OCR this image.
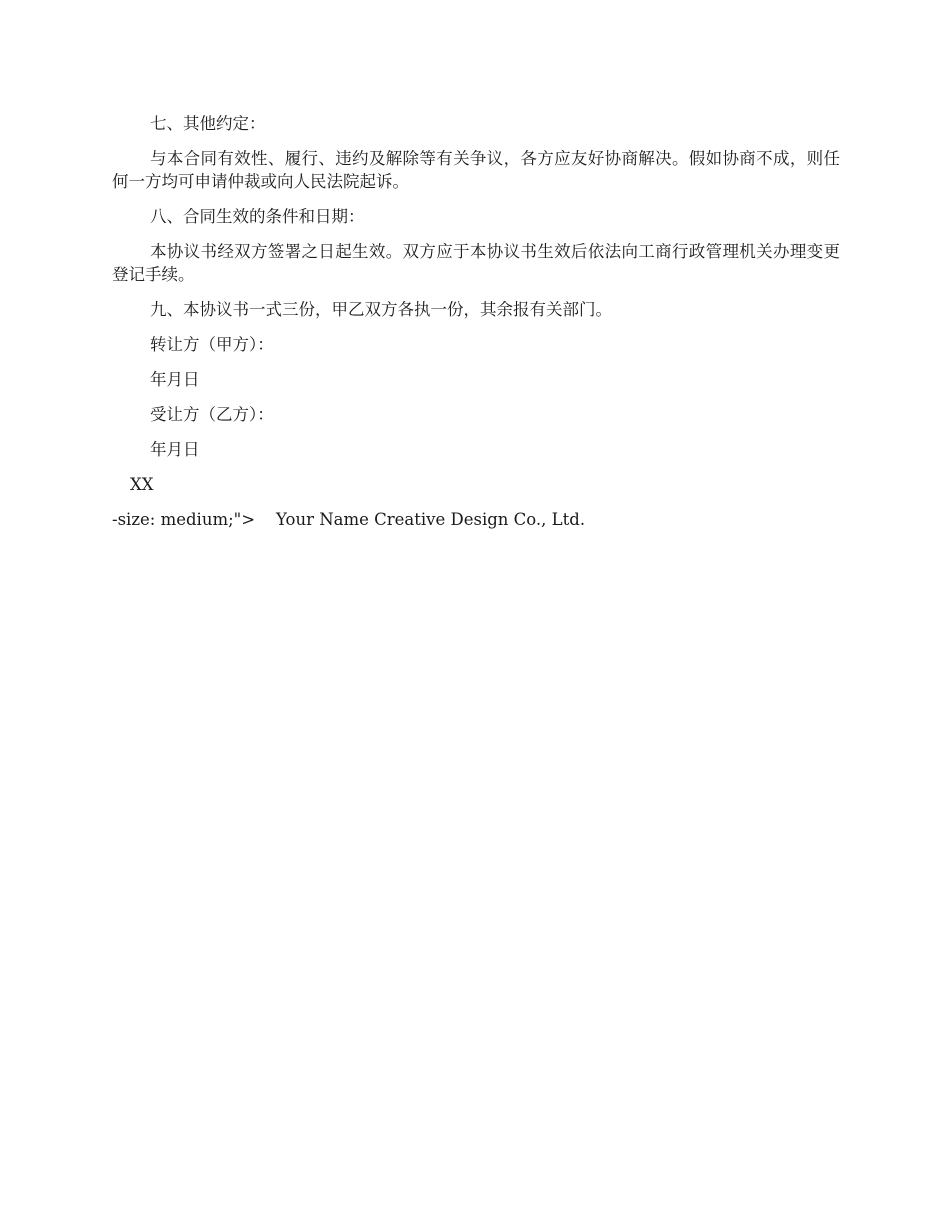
七、其他约定：

与本合同有效性、履行、违约及解除等有关争议，各方应友好协商解决。假如协商不成，则任何一方均可申请仲裁或向人民法院起诉。

八、合同生效的条件和日期：

本协议书经双方签署之日起生效。双方应于本协议书生效后依法向工商行政管理机关办理变更登记手续。

九、本协议书一式三份，甲乙双方各执一份，其余报有关部门。

转让方（甲方）：

年月日

受让方（乙方）：

年月日

XX
-size: medium;">    Your Name Creative Design Co., Ltd.
